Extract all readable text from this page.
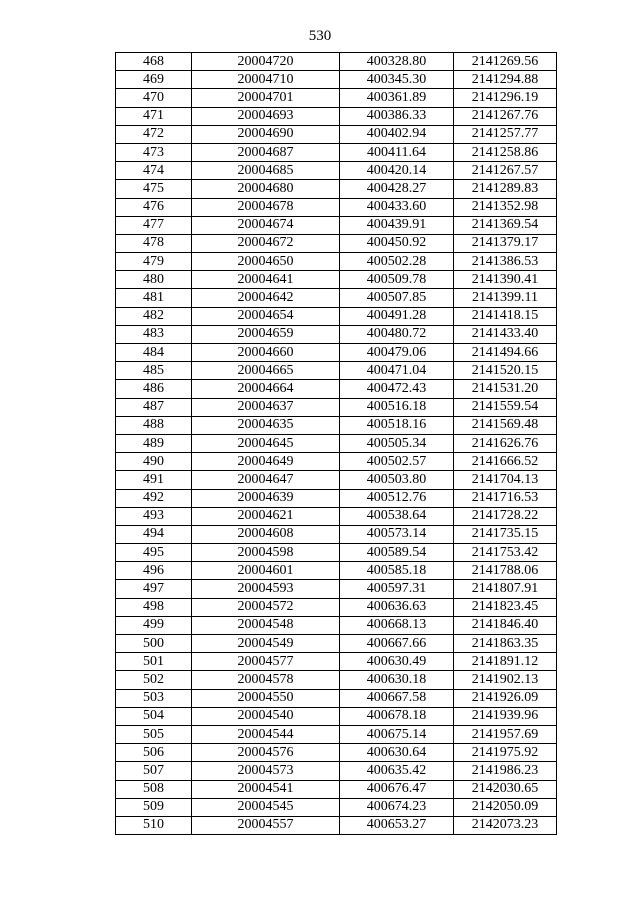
530
468	20004720	400328.80	2141269.56
469	20004710	400345.30	2141294.88
470	20004701	400361.89	2141296.19
471	20004693	400386.33	2141267.76
472	20004690	400402.94	2141257.77
473	20004687	400411.64	2141258.86
474	20004685	400420.14	2141267.57
475	20004680	400428.27	2141289.83
476	20004678	400433.60	2141352.98
477	20004674	400439.91	2141369.54
478	20004672	400450.92	2141379.17
479	20004650	400502.28	2141386.53
480	20004641	400509.78	2141390.41
481	20004642	400507.85	2141399.11
482	20004654	400491.28	2141418.15
483	20004659	400480.72	2141433.40
484	20004660	400479.06	2141494.66
485	20004665	400471.04	2141520.15
486	20004664	400472.43	2141531.20
487	20004637	400516.18	2141559.54
488	20004635	400518.16	2141569.48
489	20004645	400505.34	2141626.76
490	20004649	400502.57	2141666.52
491	20004647	400503.80	2141704.13
492	20004639	400512.76	2141716.53
493	20004621	400538.64	2141728.22
494	20004608	400573.14	2141735.15
495	20004598	400589.54	2141753.42
496	20004601	400585.18	2141788.06
497	20004593	400597.31	2141807.91
498	20004572	400636.63	2141823.45
499	20004548	400668.13	2141846.40
500	20004549	400667.66	2141863.35
501	20004577	400630.49	2141891.12
502	20004578	400630.18	2141902.13
503	20004550	400667.58	2141926.09
504	20004540	400678.18	2141939.96
505	20004544	400675.14	2141957.69
506	20004576	400630.64	2141975.92
507	20004573	400635.42	2141986.23
508	20004541	400676.47	2142030.65
509	20004545	400674.23	2142050.09
510	20004557	400653.27	2142073.23
